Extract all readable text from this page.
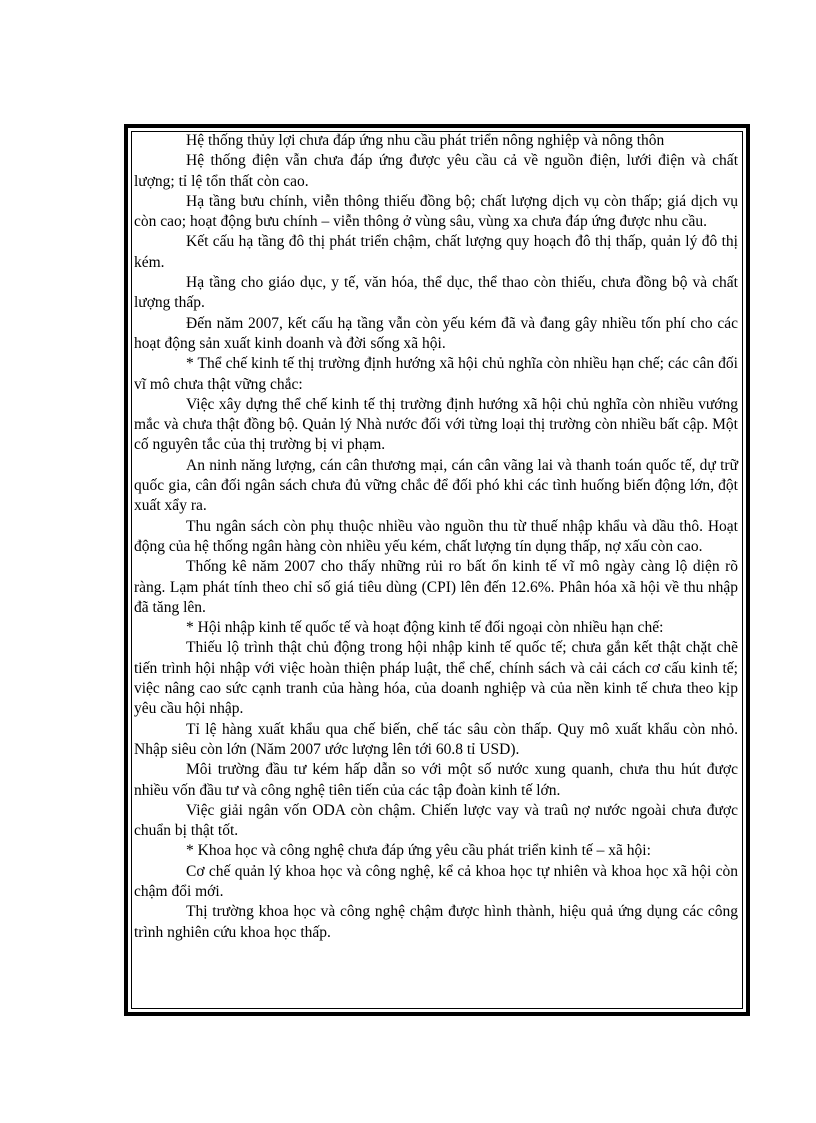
Hệ thống thủy lợi chưa đáp ứng nhu cầu phát triển nông nghiệp và nông thôn

Hệ thống điện vẫn chưa đáp ứng được yêu cầu cả về nguồn điện, lưới điện và chất lượng; tỉ lệ tổn thất còn cao.

Hạ tầng bưu chính, viễn thông thiếu đồng bộ; chất lượng dịch vụ còn thấp; giá dịch vụ còn cao; hoạt động bưu chính – viễn thông ở vùng sâu, vùng xa chưa đáp ứng được nhu cầu.

Kết cấu hạ tầng đô thị phát triển chậm, chất lượng quy hoạch đô thị thấp, quản lý đô thị kém.

Hạ tầng cho giáo dục, y tế, văn hóa, thể dục, thể thao còn thiếu, chưa đồng bộ và chất lượng thấp.

Đến năm 2007, kết cấu hạ tầng vẫn còn yếu kém đã và đang gây nhiều tốn phí cho các hoạt động sản xuất kinh doanh và đời sống xã hội.

* Thể chế kinh tế thị trường định hướng xã hội chủ nghĩa còn nhiều hạn chế; các cân đối vĩ mô chưa thật vững chắc:

Việc xây dựng thể chế kinh tế thị trường định hướng xã hội chủ nghĩa còn nhiều vướng mắc và chưa thật đồng bộ. Quản lý Nhà nước đối với từng loại thị trường còn nhiều bất cập. Một cố nguyên tắc của thị trường bị vi phạm.

An ninh năng lượng, cán cân thương mại, cán cân vãng lai và thanh toán quốc tế, dự trữ quốc gia, cân đối ngân sách chưa đủ vững chắc để đối phó khi các tình huống biến động lớn, đột xuất xẩy ra.

Thu ngân sách còn phụ thuộc nhiều vào nguồn thu từ thuế nhập khẩu và dầu thô. Hoạt động của hệ thống ngân hàng còn nhiều yếu kém, chất lượng tín dụng thấp, nợ xấu còn cao.

Thống kê năm 2007 cho thấy những rủi ro bất ổn kinh tế vĩ mô ngày càng lộ diện rõ ràng. Lạm phát tính theo chỉ số giá tiêu dùng (CPI) lên đến 12.6%. Phân hóa xã hội về thu nhập đã tăng lên.

* Hội nhập kinh tế quốc tế và hoạt động kinh tế đối ngoại còn nhiều hạn chế:

Thiếu lộ trình thật chủ động trong hội nhập kinh tế quốc tế; chưa gắn kết thật chặt chẽ tiến trình hội nhập với việc hoàn thiện pháp luật, thể chế, chính sách và cải cách cơ cấu kinh tế; việc nâng cao sức cạnh tranh của hàng hóa, của doanh nghiệp và của nền kinh tế chưa theo kịp yêu cầu hội nhập.

Tỉ lệ hàng xuất khẩu qua chế biến, chế tác sâu còn thấp. Quy mô xuất khẩu còn nhỏ. Nhập siêu còn lớn (Năm 2007 ước lượng lên tới 60.8 tỉ USD).

Môi trường đầu tư kém hấp dẫn so với một số nước xung quanh, chưa thu hút được nhiều vốn đầu tư và công nghệ tiên tiến của các tập đoàn kinh tế lớn.

Việc giải ngân vốn ODA còn chậm. Chiến lược vay và traû nợ nước ngoài chưa được chuẩn bị thật tốt.

* Khoa học và công nghệ chưa đáp ứng yêu cầu phát triển kinh tế – xã hội:

Cơ chế quản lý khoa học và công nghệ, kể cả khoa học tự nhiên và khoa học xã hội còn chậm đổi mới.

Thị trường khoa học và công nghệ chậm được hình thành, hiệu quả ứng dụng các công trình nghiên cứu khoa học thấp.
